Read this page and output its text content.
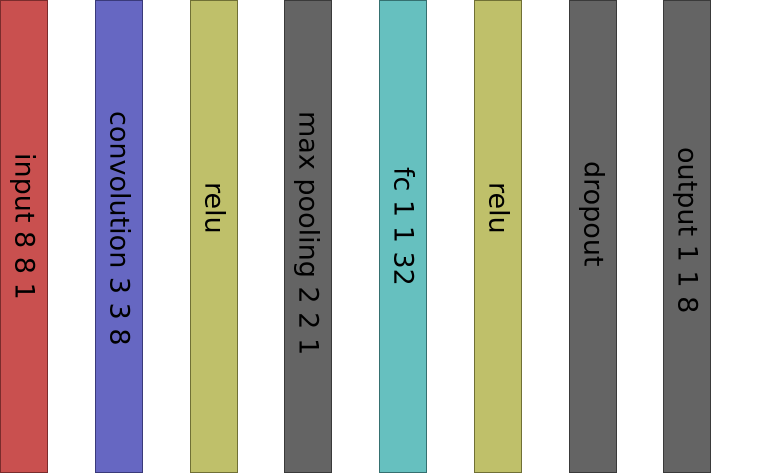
input 8 8 1 convolution 3 3 8 relu max pooling 2 2 1 fc 1 1 32 relu dropout output 1 1 8
